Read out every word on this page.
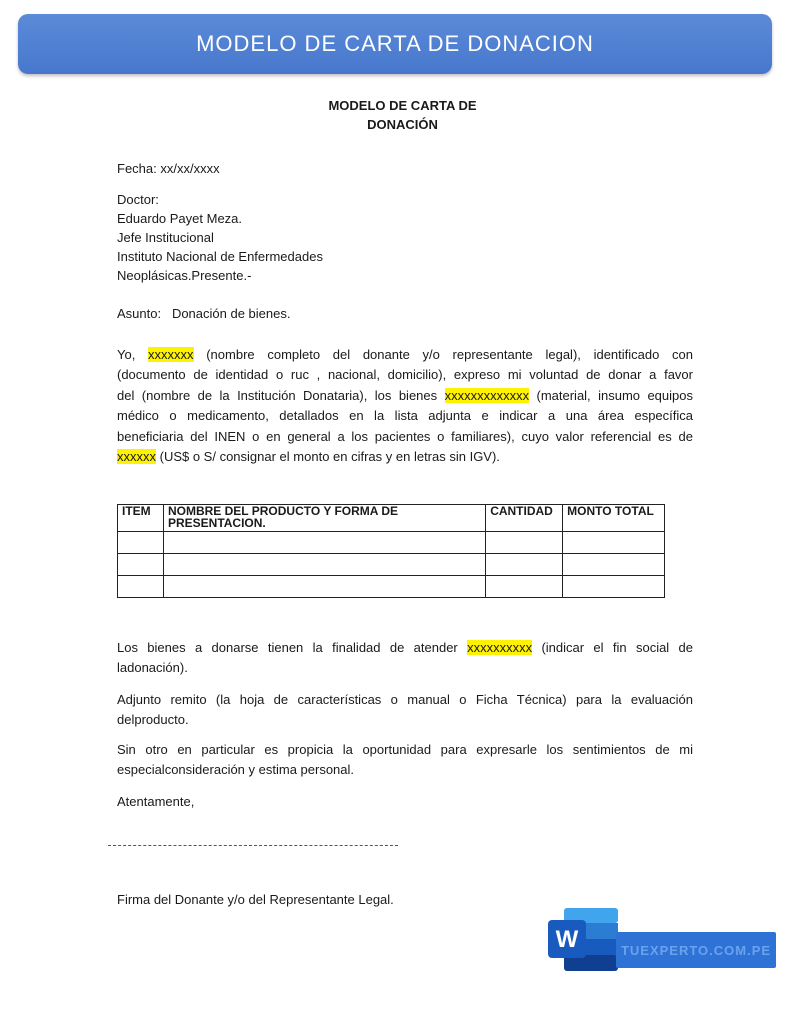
MODELO DE CARTA DE DONACION
MODELO DE CARTA DE
DONACIÓN
Fecha: xx/xx/xxxx
Doctor:
Eduardo Payet Meza.
Jefe Institucional
Instituto Nacional de Enfermedades
Neoplásicas.Presente.-
Asunto: Donación de bienes.
Yo, xxxxxxx (nombre completo del donante y/o representante legal), identificado con
(documento de identidad o ruc , nacional, domicilio), expreso mi voluntad de donar a favor
del (nombre de la Institución Donataria), los bienes xxxxxxxxxxxxx (material, insumo equipos
médico o medicamento, detallados en la lista adjunta e indicar a una área específica
beneficiaria del INEN o en general a los pacientes o familiares), cuyo valor referencial es de
xxxxxx (US$ o S/ consignar el monto en cifras y en letras sin IGV).
ITEM	NOMBRE DEL PRODUCTO Y FORMA DE PRESENTACION.	CANTIDAD	MONTO TOTAL

Los bienes a donarse tienen la finalidad de atender xxxxxxxxxx (indicar el fin social de
ladonación).
Adjunto remito (la hoja de características o manual o Ficha Técnica) para la evaluación
delproducto.
Sin otro en particular es propicia la oportunidad para expresarle los sentimientos de mi
especialconsideración y estima personal.
Atentamente,
Firma del Donante y/o del Representante Legal.
W	TUEXPERTO.COM.PE
